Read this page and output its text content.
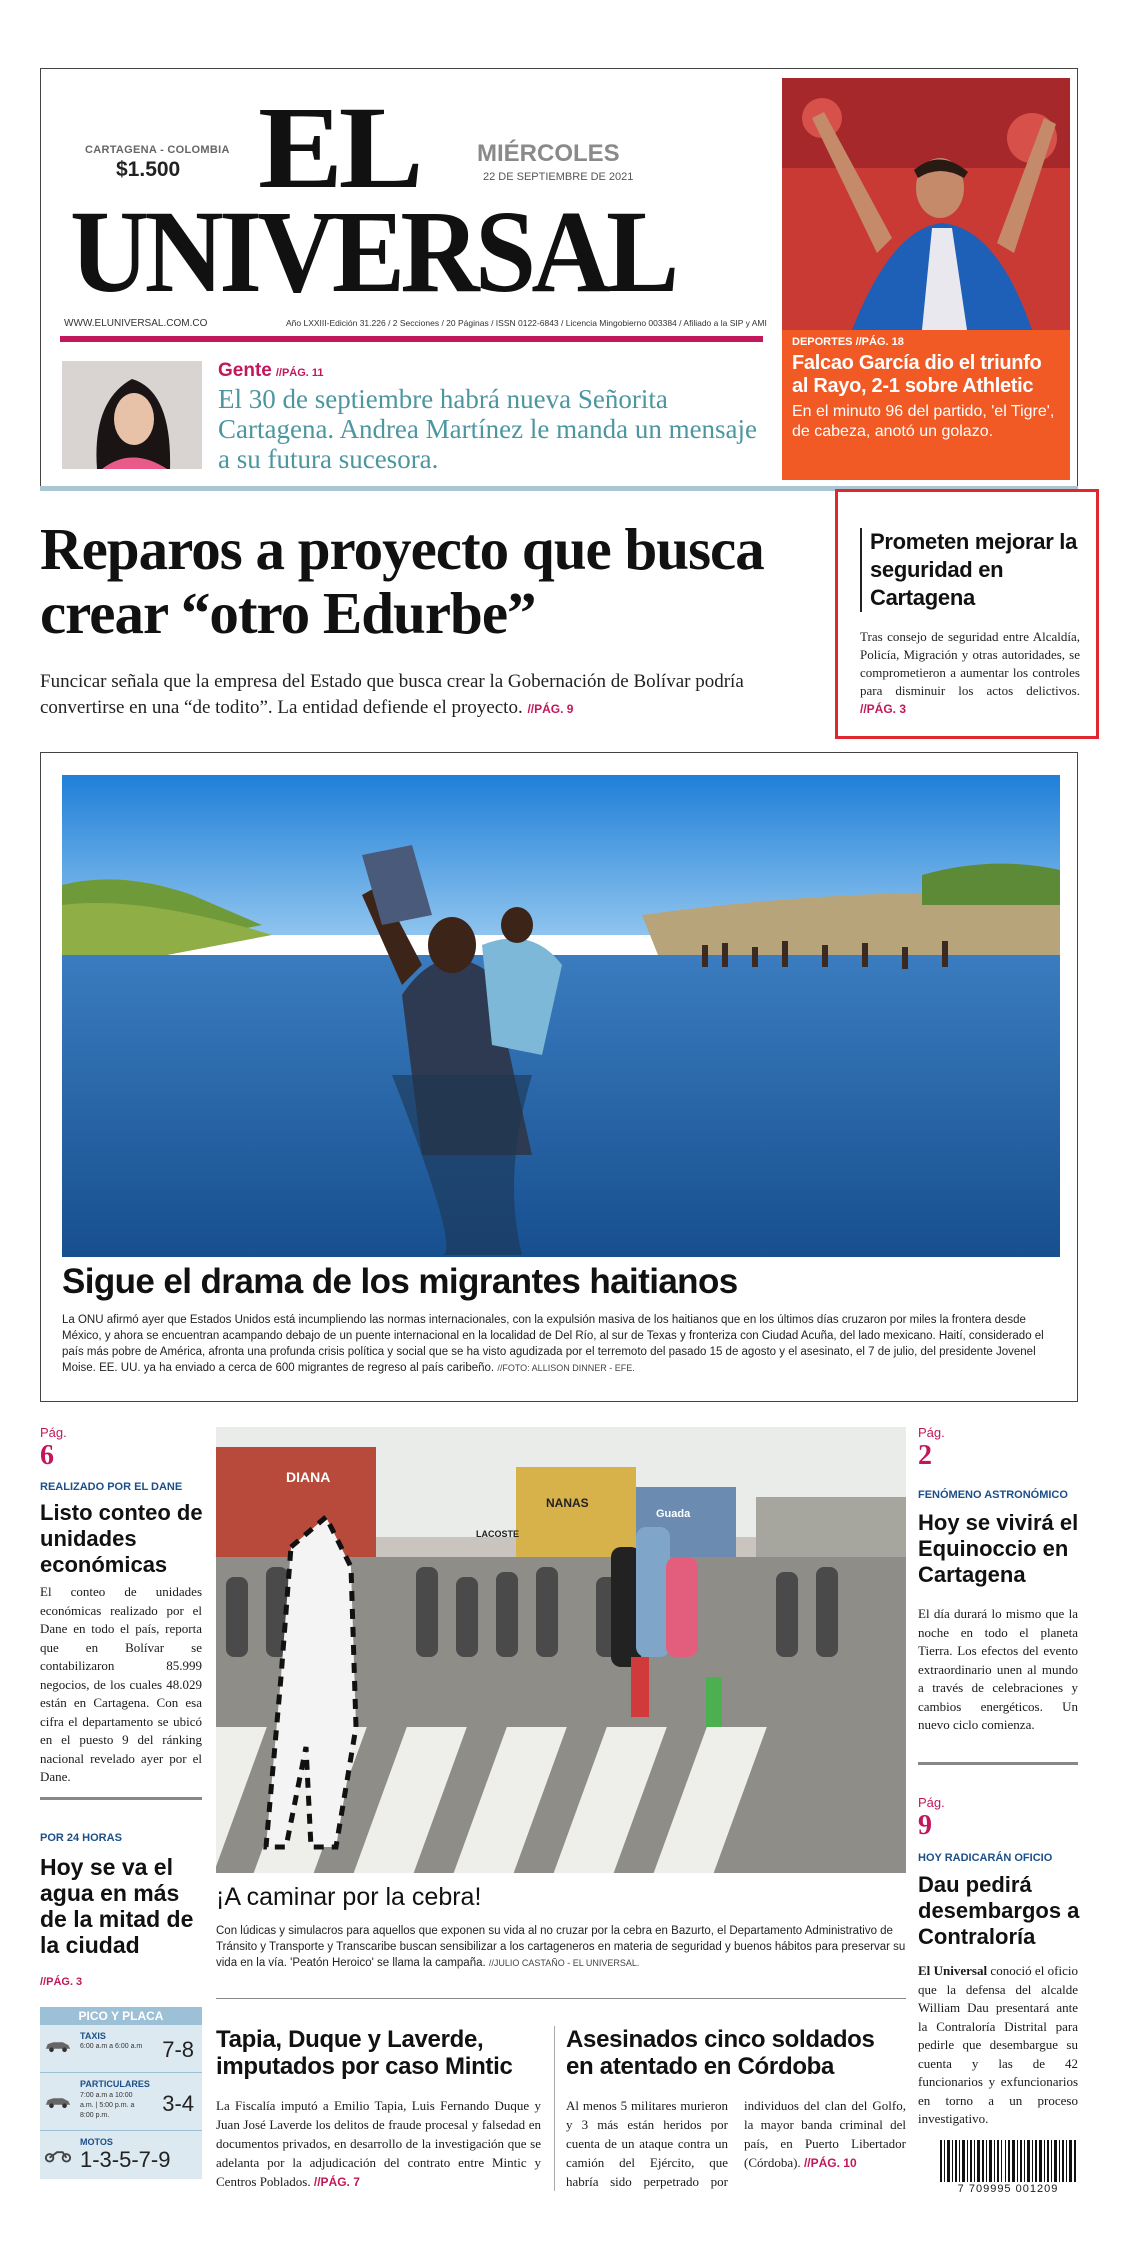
CARTAGENA - COLOMBIA
$1.500 EL
UNIVERSAL
MIÉRCOLES
22 DE SEPTIEMBRE DE 2021
WWW.ELUNIVERSAL.COM.CO	Año LXXIII-Edición 31.226 / 2 Secciones / 20 Páginas / ISSN 0122-6843 / Licencia Mingobierno 003384 / Afiliado a la SIP y AMI
Gente //PÁG. 11
El 30 de septiembre habrá nueva Señorita Cartagena. Andrea Martínez le manda un mensaje a su futura sucesora.
DEPORTES //PÁG. 18
Falcao García dio el triunfo al Rayo, 2-1 sobre Athletic
En el minuto 96 del partido, 'el Tigre', de cabeza, anotó un golazo.
Reparos a proyecto que busca crear “otro Edurbe”
Funcicar señala que la empresa del Estado que busca crear la Gobernación de Bolívar podría convertirse en una “de todito”. La entidad defiende el proyecto. //PÁG. 9
Prometen mejorar la seguridad en Cartagena
Tras consejo de seguridad entre Alcaldía, Policía, Migración y otras autoridades, se comprometieron a aumentar los controles para disminuir los actos delictivos. //PÁG. 3
Sigue el drama de los migrantes haitianos
La ONU afirmó ayer que Estados Unidos está incumpliendo las normas internacionales, con la expulsión masiva de los haitianos que en los últimos días cruzaron por miles la frontera desde México, y ahora se encuentran acampando debajo de un puente internacional en la localidad de Del Río, al sur de Texas y fronteriza con Ciudad Acuña, del lado mexicano. Haití, considerado el país más pobre de América, afronta una profunda crisis política y social que se ha visto agudizada por el terremoto del pasado 15 de agosto y el asesinato, el 7 de julio, del presidente Jovenel Moise. EE. UU. ya ha enviado a cerca de 600 migrantes de regreso al país caribeño. //FOTO: ALLISON DINNER - EFE.
Pág.
6
REALIZADO POR EL DANE
Listo conteo de unidades económicas
El conteo de unidades económicas realizado por el Dane en todo el país, reporta que en Bolívar se contabilizaron 85.999 negocios, de los cuales 48.029 están en Cartagena. Con esa cifra el departamento se ubicó en el puesto 9 del ránking nacional revelado ayer por el Dane.
POR 24 HORAS
Hoy se va el agua en más de la mitad de la ciudad
//PÁG. 3
PICO Y PLACA
TAXIS
6:00 a.m a 6:00 a.m 7-8
PARTICULARES
7:00 a.m a 10:00 a.m. | 5:00 p.m. a 8:00 p.m.	3-4
MOTOS
1-3-5-7-9
DIANA
NANAS
Guada
LACOSTE
¡A caminar por la cebra!
Con lúdicas y simulacros para aquellos que exponen su vida al no cruzar por la cebra en Bazurto, el Departamento Administrativo de Tránsito y Transporte y Transcaribe buscan sensibilizar a los cartageneros en materia de seguridad y buenos hábitos para preservar su vida en la vía. 'Peatón Heroico' se llama la campaña. //JULIO CASTAÑO - EL UNIVERSAL.
Tapia, Duque y Laverde, imputados por caso Mintic
La Fiscalía imputó a Emilio Tapia, Luis Fernando Duque y Juan José Laverde los delitos de fraude procesal y falsedad en documentos privados, en desarrollo de la investigación que se adelanta por la adjudicación del contrato entre Mintic y Centros Poblados. //PÁG. 7
Asesinados cinco soldados en atentado en Córdoba
Al menos 5 militares murieron y 3 más están heridos por cuenta de un ataque contra un camión del Ejército, que habría sido perpetrado por individuos del clan del Golfo, la mayor banda criminal del país, en Puerto Libertador (Córdoba). //PÁG. 10
Pág.
2
FENÓMENO ASTRONÓMICO
Hoy se vivirá el Equinoccio en Cartagena
El día durará lo mismo que la noche en todo el planeta Tierra. Los efectos del evento extraordinario unen al mundo a través de celebraciones y cambios energéticos. Un nuevo ciclo comienza.
Pág.
9
HOY RADICARÁN OFICIO
Dau pedirá desembargos a Contraloría
El Universal conoció el oficio que la defensa del alcalde William Dau presentará ante la Contraloría Distrital para pedirle que desembargue su cuenta y las de 42 funcionarios y exfuncionarios en torno a un proceso investigativo.
7 709995 001209
